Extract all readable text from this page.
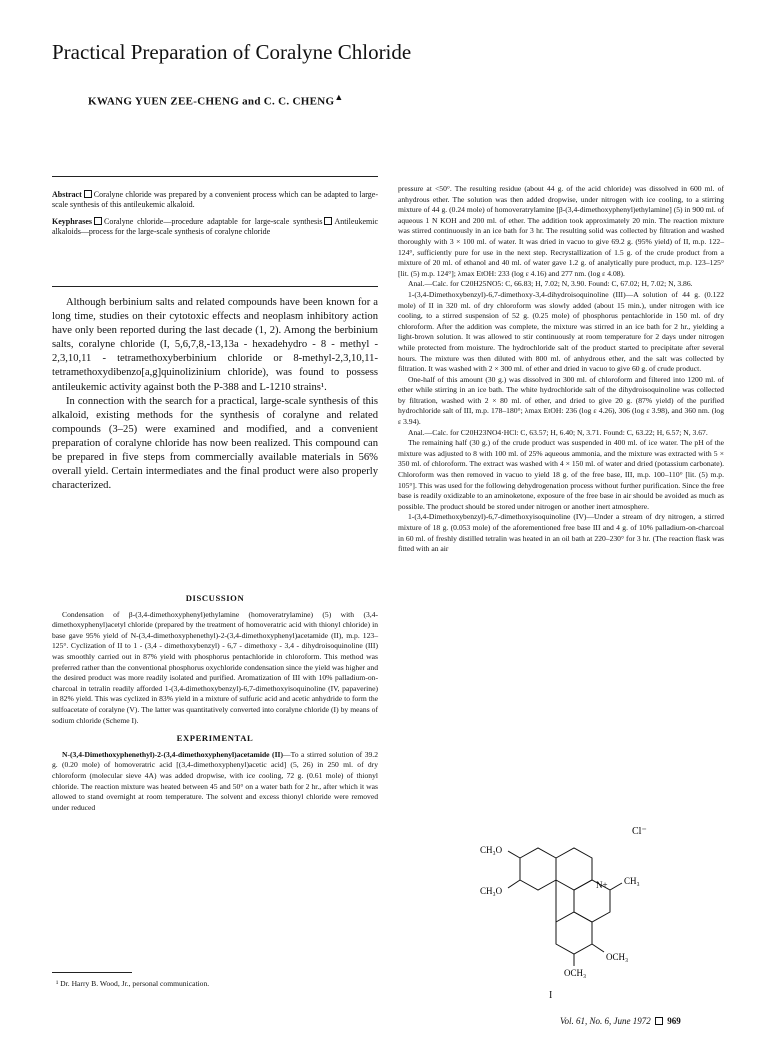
Practical Preparation of Coralyne Chloride
KWANG YUEN ZEE-CHENG and C. C. CHENG▲

Abstract Coralyne chloride was prepared by a convenient process which can be adapted to large-scale synthesis of this antileukemic alkaloid.

Keyphrases Coralyne chloride—procedure adaptable for large-scale synthesis Antileukemic alkaloids—process for the large-scale synthesis of coralyne chloride

Although berbinium salts and related compounds have been known for a long time, studies on their cytotoxic effects and neoplasm inhibitory action have only been reported during the last decade (1, 2). Among the berbinium salts, coralyne chloride (I, 5,6,7,8,-13,13a - hexadehydro - 8 - methyl - 2,3,10,11 - tetramethoxyberbinium chloride or 8-methyl-2,3,10,11-tetramethoxydibenzo[a,g]quinolizinium chloride), was found to possess antileukemic activity against both the P-388 and L-1210 strains¹.

In connection with the search for a practical, large-scale synthesis of this alkaloid, existing methods for the synthesis of coralyne and related compounds (3–25) were examined and modified, and a convenient preparation of coralyne chloride has now been realized. This compound can be prepared in five steps from commercially available materials in 56% overall yield. Certain intermediates and the final product were also properly characterized.

DISCUSSION

Condensation of β-(3,4-dimethoxyphenyl)ethylamine (homoveratrylamine) (5) with (3,4-dimethoxyphenyl)acetyl chloride (prepared by the treatment of homoveratric acid with thionyl chloride) in base gave 95% yield of N-(3,4-dimethoxyphenethyl)-2-(3,4-dimethoxyphenyl)acetamide (II), m.p. 123–125°. Cyclization of II to 1 - (3,4 - dimethoxybenzyl) - 6,7 - dimethoxy - 3,4 - dihydroisoquinoline (III) was smoothly carried out in 87% yield with phosphorus pentachloride in chloroform. This method was preferred rather than the conventional phosphorus oxychloride condensation since the yield was higher and the desired product was more readily isolated and purified. Aromatization of III with 10% palladium-on-charcoal in tetralin readily afforded 1-(3,4-dimethoxybenzyl)-6,7-dimethoxyisoquinoline (IV, papaverine) in 82% yield. This was cyclized in 83% yield in a mixture of sulfuric acid and acetic anhydride to form the sulfoacetate of coralyne (V). The latter was quantitatively converted into coralyne chloride (I) by means of sodium chloride (Scheme I).

EXPERIMENTAL

N-(3,4-Dimethoxyphenethyl)-2-(3,4-dimethoxyphenyl)acetamide (II)—To a stirred solution of 39.2 g. (0.20 mole) of homoveratric acid [(3,4-dimethoxyphenyl)acetic acid] (5, 26) in 250 ml. of dry chloroform (molecular sieve 4A) was added dropwise, with ice cooling, 72 g. (0.61 mole) of thionyl chloride. The reaction mixture was heated between 45 and 50° on a water bath for 2 hr., after which it was allowed to stand overnight at room temperature. The solvent and excess thionyl chloride were removed under reduced

pressure at <50°. The resulting residue (about 44 g. of the acid chloride) was dissolved in 600 ml. of anhydrous ether. The solution was then added dropwise, under nitrogen with ice cooling, to a stirring mixture of 44 g. (0.24 mole) of homoveratrylamine [β-(3,4-dimethoxyphenyl)ethylamine] (5) in 900 ml. of aqueous 1 N KOH and 200 ml. of ether. The addition took approximately 20 min. The reaction mixture was stirred continuously in an ice bath for 3 hr. The resulting solid was collected by filtration and washed thoroughly with 3 × 100 ml. of water. It was dried in vacuo to give 69.2 g. (95% yield) of II, m.p. 122–124°, sufficiently pure for use in the next step. Recrystallization of 1.5 g. of the crude product from a mixture of 20 ml. of ethanol and 40 ml. of water gave 1.2 g. of analytically pure product, m.p. 123–125° [lit. (5) m.p. 124°]; λmax EtOH: 233 (log ε 4.16) and 277 nm. (log ε 4.08).

Anal.—Calc. for C20H25NO5: C, 66.83; H, 7.02; N, 3.90. Found: C, 67.02; H, 7.02; N, 3.86.

1-(3,4-Dimethoxybenzyl)-6,7-dimethoxy-3,4-dihydroisoquinoline (III)—A solution of 44 g. (0.122 mole) of II in 320 ml. of dry chloroform was slowly added (about 15 min.), under nitrogen with ice cooling, to a stirred suspension of 52 g. (0.25 mole) of phosphorus pentachloride in 150 ml. of dry chloroform. After the addition was complete, the mixture was stirred in an ice bath for 2 hr., yielding a light-brown solution. It was allowed to stir continuously at room temperature for 2 days under nitrogen while protected from moisture. The hydrochloride salt of the product started to precipitate after several hours. The mixture was then diluted with 800 ml. of anhydrous ether, and the salt was collected by filtration. It was washed with 2 × 300 ml. of ether and dried in vacuo to give 60 g. of crude product.

One-half of this amount (30 g.) was dissolved in 300 ml. of chloroform and filtered into 1200 ml. of ether while stirring in an ice bath. The white hydrochloride salt of the dihydroisoquinoline was collected by filtration, washed with 2 × 80 ml. of ether, and dried to give 20 g. (87% yield) of the purified hydrochloride salt of III, m.p. 178–180°; λmax EtOH: 236 (log ε 4.26), 306 (log ε 3.98), and 360 nm. (log ε 3.94).

Anal.—Calc. for C20H23NO4·HCl: C, 63.57; H, 6.40; N, 3.71. Found: C, 63.22; H, 6.57; N, 3.67.

The remaining half (30 g.) of the crude product was suspended in 400 ml. of ice water. The pH of the mixture was adjusted to 8 with 100 ml. of 25% aqueous ammonia, and the mixture was extracted with 5 × 350 ml. of chloroform. The extract was washed with 4 × 150 ml. of water and dried (potassium carbonate). Chloroform was then removed in vacuo to yield 18 g. of the free base, III, m.p. 100–110° [lit. (5) m.p. 105°]. This was used for the following dehydrogenation process without further purification. Since the free base is readily oxidizable to an aminoketone, exposure of the free base in air should be avoided as much as possible. The product should be stored under nitrogen or another inert atmosphere.

1-(3,4-Dimethoxybenzyl)-6,7-dimethoxyisoquinoline (IV)—Under a stream of dry nitrogen, a stirred mixture of 18 g. (0.053 mole) of the aforementioned free base III and 4 g. of 10% palladium-on-charcoal in 60 ml. of freshly distilled tetralin was heated in an oil bath at 220–230° for 3 hr. (The reaction flask was fitted with an air

Cl⁻
CH₃O
CH₃O
N+ CH₃
OCH₃
OCH₃
I
¹ Dr. Harry B. Wood, Jr., personal communication.
Vol. 61, No. 6, June 1972 969
